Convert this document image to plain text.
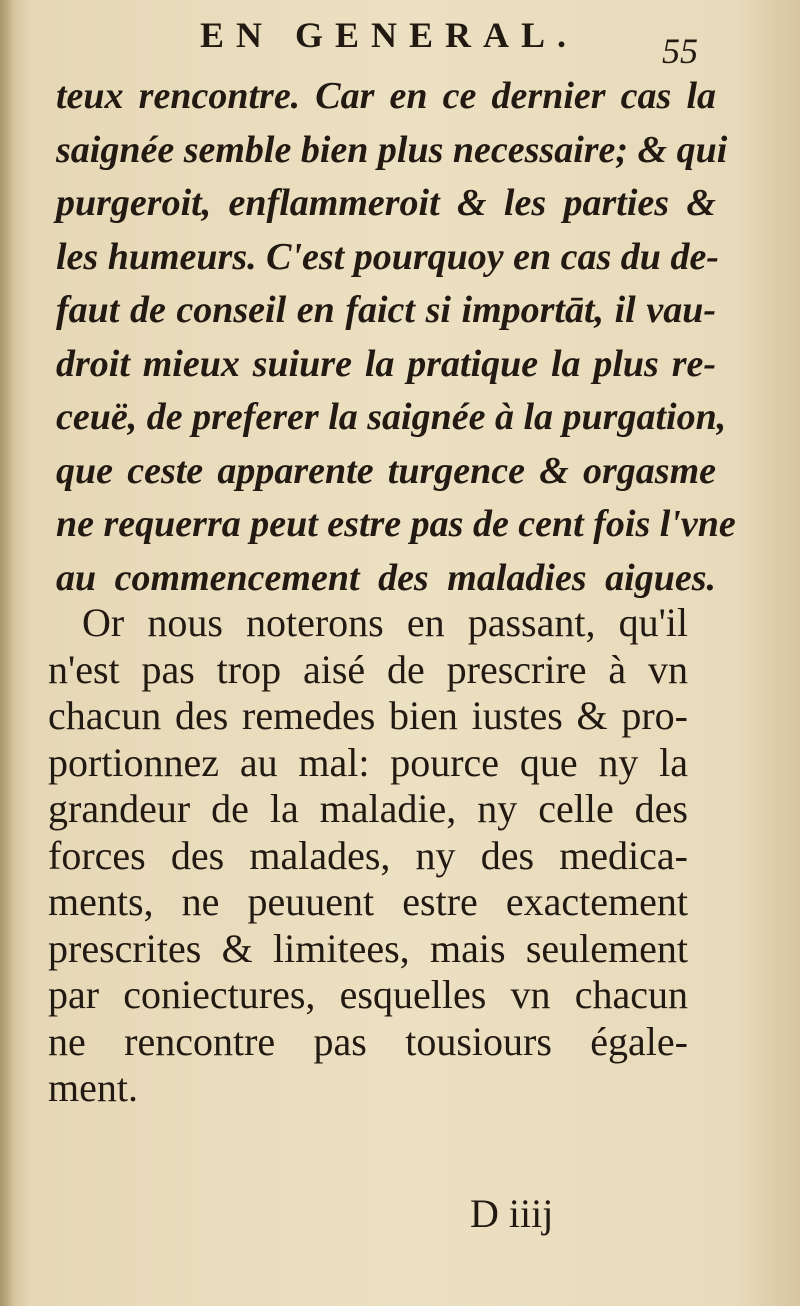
EN GENERAL. 55
teux rencontre. Car en ce dernier cas la
saignée semble bien plus necessaire; & qui
purgeroit, enflammeroit & les parties &
les humeurs. C'est pourquoy en cas du de-
faut de conseil en faict si importāt, il vau-
droit mieux suiure la pratique la plus re-
ceuë, de preferer la saignée à la purgation,
que ceste apparente turgence & orgasme
ne requerra peut estre pas de cent fois l'vne
au commencement des maladies aigues.
Or nous noterons en passant, qu'il
n'est pas trop aisé de prescrire à vn
chacun des remedes bien iustes & pro-
portionnez au mal: pource que ny la
grandeur de la maladie, ny celle des
forces des malades, ny des medica-
ments, ne peuuent estre exactement
prescrites & limitees, mais seulement
par coniectures, esquelles vn chacun
ne rencontre pas tousiours égale-
ment.
D iiij
